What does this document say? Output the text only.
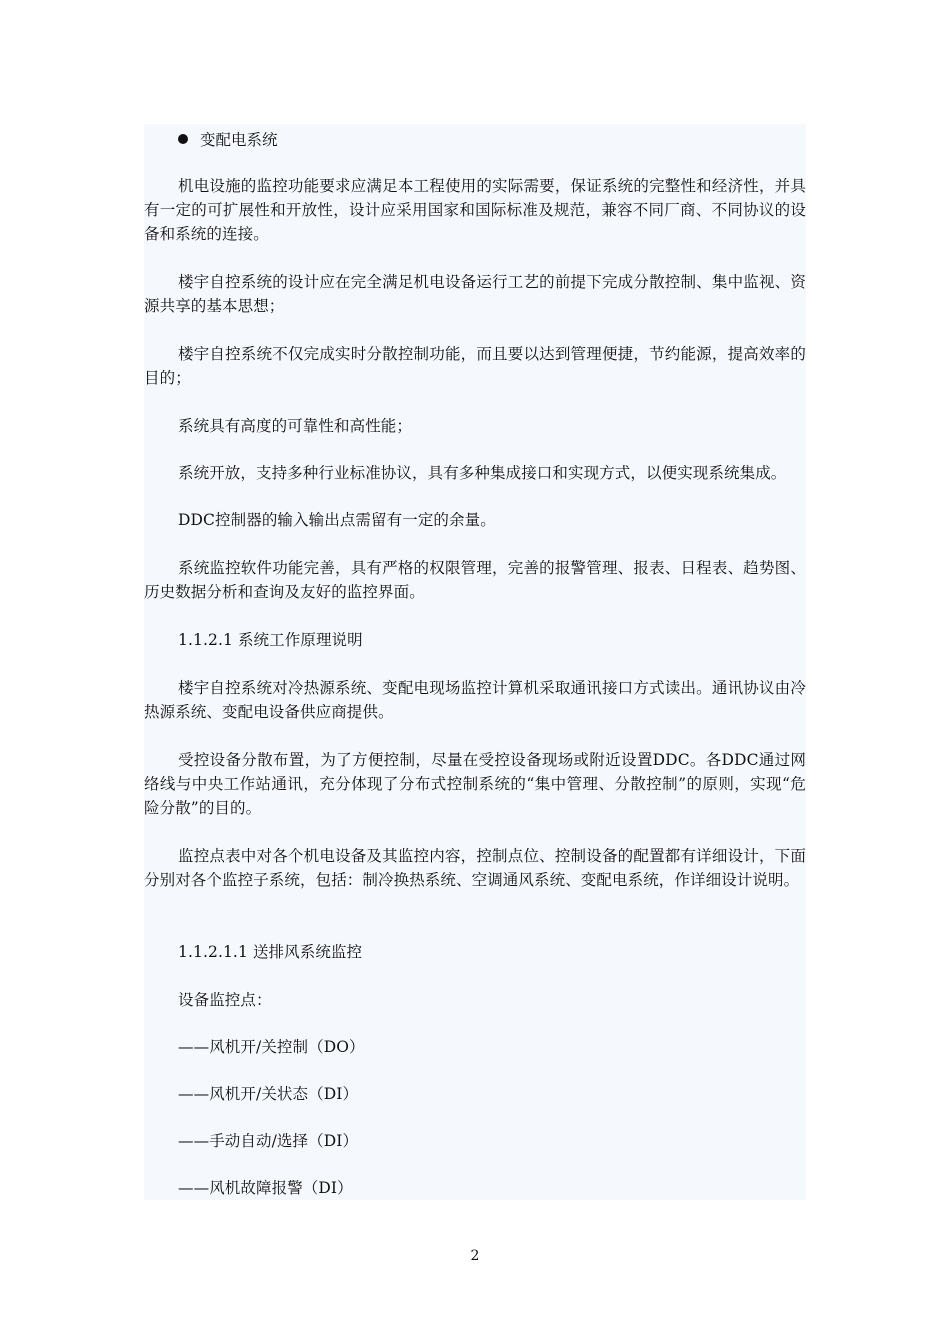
变配电系统

机电设施的监控功能要求应满足本工程使用的实际需要，保证系统的完整性和经济性，并具有一定的可扩展性和开放性，设计应采用国家和国际标准及规范，兼容不同厂商、不同协议的设备和系统的连接。

楼宇自控系统的设计应在完全满足机电设备运行工艺的前提下完成分散控制、集中监视、资源共享的基本思想；

楼宇自控系统不仅完成实时分散控制功能，而且要以达到管理便捷，节约能源，提高效率的目的；

系统具有高度的可靠性和高性能；

系统开放，支持多种行业标准协议，具有多种集成接口和实现方式，以便实现系统集成。

DDC控制器的输入输出点需留有一定的余量。

系统监控软件功能完善，具有严格的权限管理，完善的报警管理、报表、日程表、趋势图、历史数据分析和查询及友好的监控界面。

1.1.2.1 系统工作原理说明

楼宇自控系统对冷热源系统、变配电现场监控计算机采取通讯接口方式读出。通讯协议由冷热源系统、变配电设备供应商提供。

受控设备分散布置，为了方便控制，尽量在受控设备现场或附近设置DDC。各DDC通过网络线与中央工作站通讯，充分体现了分布式控制系统的“集中管理、分散控制”的原则，实现“危险分散”的目的。

监控点表中对各个机电设备及其监控内容，控制点位、控制设备的配置都有详细设计，下面分别对各个监控子系统，包括：制冷换热系统、空调通风系统、变配电系统，作详细设计说明。

1.1.2.1.1 送排风系统监控

设备监控点：

——风机开/关控制（DO）

——风机开/关状态（DI）

——手动自动/选择（DI）

——风机故障报警（DI）

2
